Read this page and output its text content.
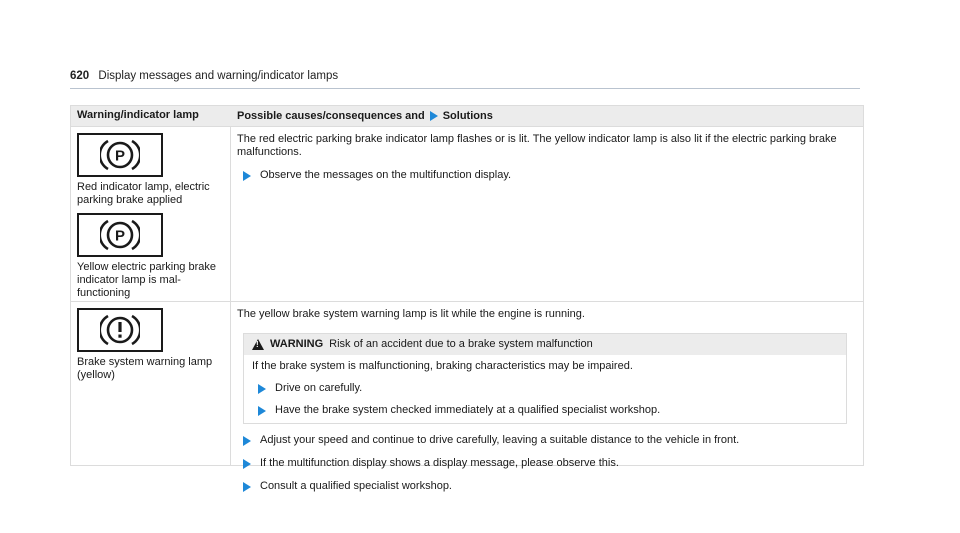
620 Display messages and warning/indicator lamps
Warning/indicator lamp	Possible causes/consequences and Solutions
P
Red indicator lamp, electric parking brake applied
P
Yellow electric parking brake indicator lamp is mal-functioning
The red electric parking brake indicator lamp flashes or is lit. The yellow indicator lamp is also lit if the electric parking brake malfunctions.
Observe the messages on the multifunction display.
Brake system warning lamp (yellow)
The yellow brake system warning lamp is lit while the engine is running.
! WARNING Risk of an accident due to a brake system malfunction
If the brake system is malfunctioning, braking characteristics may be impaired.
Drive on carefully.
Have the brake system checked immediately at a qualified specialist workshop.
Adjust your speed and continue to drive carefully, leaving a suitable distance to the vehicle in front.
If the multifunction display shows a display message, please observe this.
Consult a qualified specialist workshop.
